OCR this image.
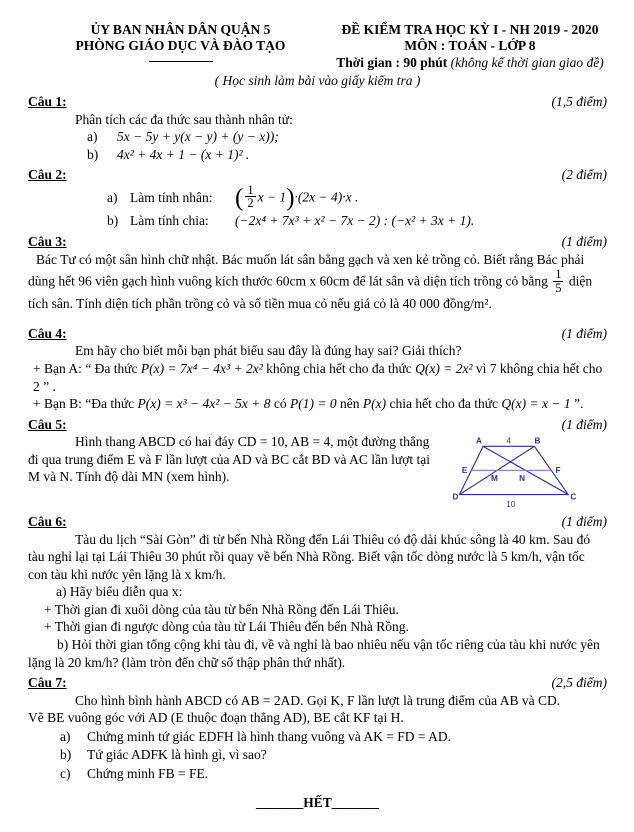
ỦY BAN NHÂN DÂN QUẬN 5
PHÒNG GIÁO DỤC VÀ ĐÀO TẠO
ĐỀ KIỂM TRA HỌC KỲ I - NH 2019 - 2020
MÔN : TOÁN - LỚP 8
Thời gian : 90 phút (không kể thời gian giao đề)
( Học sinh làm bài vào giấy kiểm tra )
Câu 1:	(1,5 điểm)
Phân tích các đa thức sau thành nhân tử:
a) 5x − 5y + y(x − y) + (y − x));
b) 4x² + 4x + 1 − (x + 1)² .
Câu 2:	(2 điểm)
a) Làm tính nhân: ( $\frac{1}{2}$ x − 1)·(2x − 4)·x .
b) Làm tính chia:	(−2x⁴ + 7x³ + x² − 7x − 2) : (−x² + 3x + 1).
Câu 3:	(1 điểm)
Bác Tư có một sân hình chữ nhật. Bác muốn lát sân bằng gạch và xen kẻ trồng cỏ. Biết rằng Bác phải dùng hết 96 viên gạch hình vuông kích thước 60cm x 60cm để lát sân và diện tích trồng cỏ bằng $\frac{1}{5}$ diện tích sân. Tính diện tích phần trồng cỏ và số tiền mua cỏ nếu giá cỏ là 40 000 đồng/m².
Câu 4:	(1 điểm)
Em hãy cho biết mỗi bạn phát biểu sau đây là đúng hay sai? Giải thích?
+ Bạn A: “ Đa thức P(x) = 7x⁴ − 4x³ + 2x² không chia hết cho đa thức Q(x) = 2x² vì 7 không chia hết cho 2 ” .
+ Bạn B: “Đa thức P(x) = x³ − 4x² − 5x + 8 có P(1) = 0 nên P(x) chia hết cho đa thức Q(x) = x − 1 ”.
Câu 5:	(1 điểm)
Hình thang ABCD có hai đáy CD = 10, AB = 4, một đường thẳng đi qua trung điểm E và F lần lượt của AD và BC cắt BD và AC lần lượt tại M và N. Tính độ dài MN (xem hình).
A	4	B
E	F
M	N
D	C
10
Câu 6:	(1 điểm)
Tàu du lịch “Sài Gòn” đi từ bến Nhà Rồng đến Lái Thiêu có độ dài khúc sông là 40 km. Sau đó tàu nghỉ lại tại Lái Thiêu 30 phút rồi quay về bến Nhà Rồng. Biết vận tốc dòng nước là 5 km/h, vận tốc con tàu khi nước yên lặng là x km/h.
a) Hãy biểu diễn qua x:
+ Thời gian đi xuôi dòng của tàu từ bến Nhà Rồng đến Lái Thiêu.
+ Thời gian đi ngược dòng của tàu từ Lái Thiêu đến bến Nhà Rồng.
b) Hỏi thời gian tổng cộng khi tàu đi, về và nghỉ là bao nhiêu nếu vận tốc riêng của tàu khi nước yên lặng là 20 km/h? (làm tròn đến chữ số thập phân thứ nhất).
Câu 7:	(2,5 điểm)
Cho hình bình hành ABCD có AB = 2AD. Gọi K, F lần lượt là trung điểm của AB và CD.
Vẽ BE vuông góc với AD (E thuộc đoạn thẳng AD), BE cắt KF tại H.
a) Chứng minh tứ giác EDFH là hình thang vuông và AK = FD = AD.
b) Tứ giác ADFK là hình gì, vì sao?
c) Chứng minh FB = FE.
_______HẾT_______
